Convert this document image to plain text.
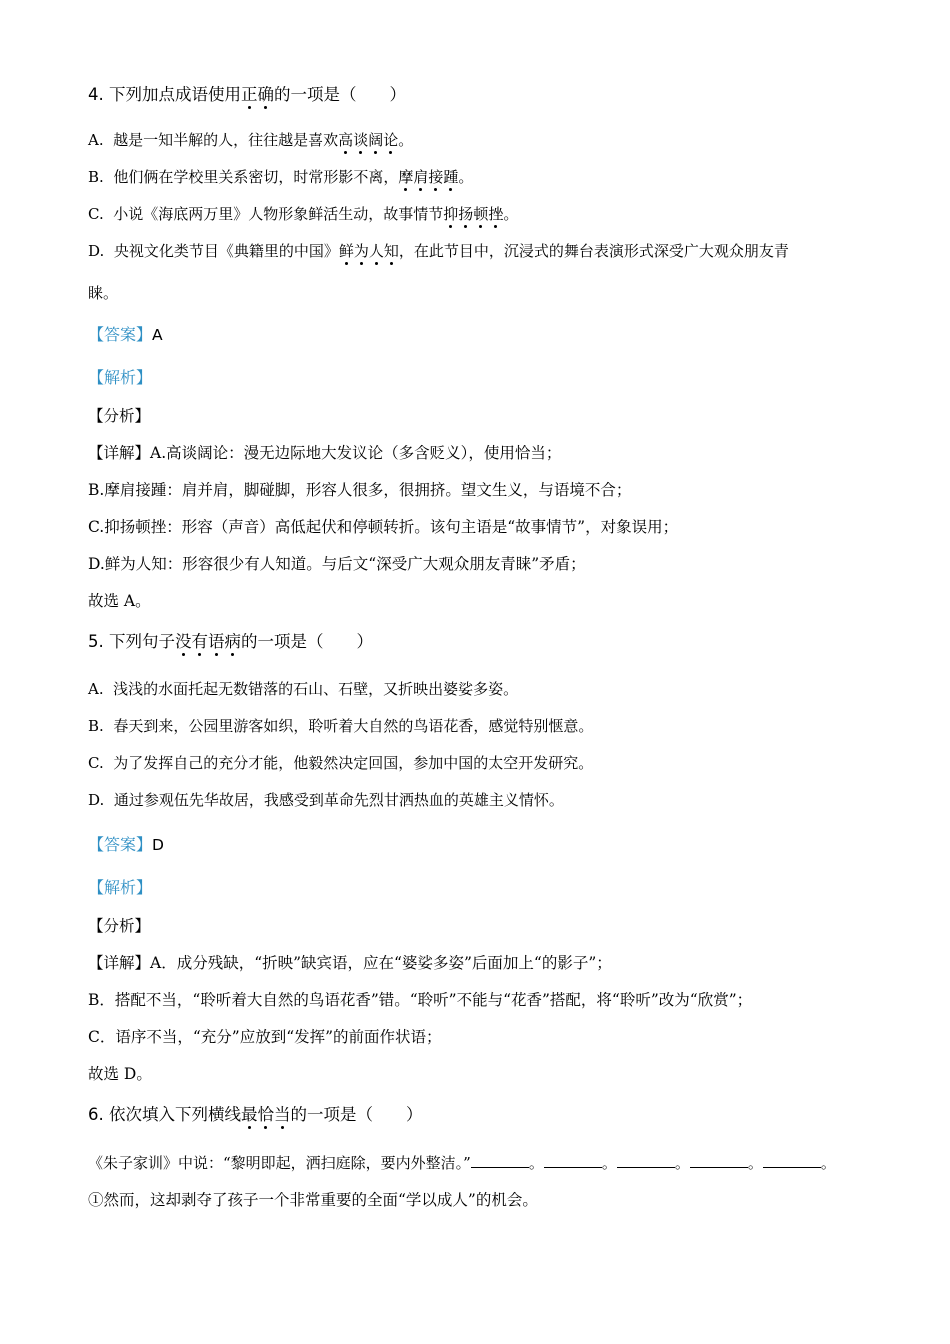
4. 下列加点成语使用正确的一项是（　　）
A. 越是一知半解的人，往往越是喜欢高谈阔论。
B. 他们俩在学校里关系密切，时常形影不离，摩肩接踵。
C. 小说《海底两万里》人物形象鲜活生动，故事情节抑扬顿挫。
D. 央视文化类节目《典籍里的中国》鲜为人知，在此节目中，沉浸式的舞台表演形式深受广大观众朋友青
睐。
【答案】A
【解析】
【分析】
【详解】A.高谈阔论：漫无边际地大发议论（多含贬义），使用恰当；
B.摩肩接踵：肩并肩，脚碰脚，形容人很多，很拥挤。望文生义，与语境不合；
C.抑扬顿挫：形容（声音）高低起伏和停顿转折。该句主语是“故事情节”，对象误用；
D.鲜为人知：形容很少有人知道。与后文“深受广大观众朋友青睐”矛盾；
故选 A。
5. 下列句子没有语病的一项是（　　）
A. 浅浅的水面托起无数错落的石山、石壁，又折映出婆娑多姿。
B. 春天到来，公园里游客如织，聆听着大自然的鸟语花香，感觉特别惬意。
C. 为了发挥自己的充分才能，他毅然决定回国，参加中国的太空开发研究。
D. 通过参观伍先华故居，我感受到革命先烈甘洒热血的英雄主义情怀。
【答案】D
【解析】
【分析】
【详解】A．成分残缺，“折映”缺宾语，应在“婆娑多姿”后面加上“的影子”；
B．搭配不当，“聆听着大自然的鸟语花香”错。“聆听”不能与“花香”搭配，将“聆听”改为“欣赏”；
C．语序不当，“充分”应放到“发挥”的前面作状语；
故选 D。
6. 依次填入下列横线最恰当的一项是（　　）
《朱子家训》中说：“黎明即起，洒扫庭除，要内外整洁。”	。	。	。	。	。
①然而，这却剥夺了孩子一个非常重要的全面“学以成人”的机会。
